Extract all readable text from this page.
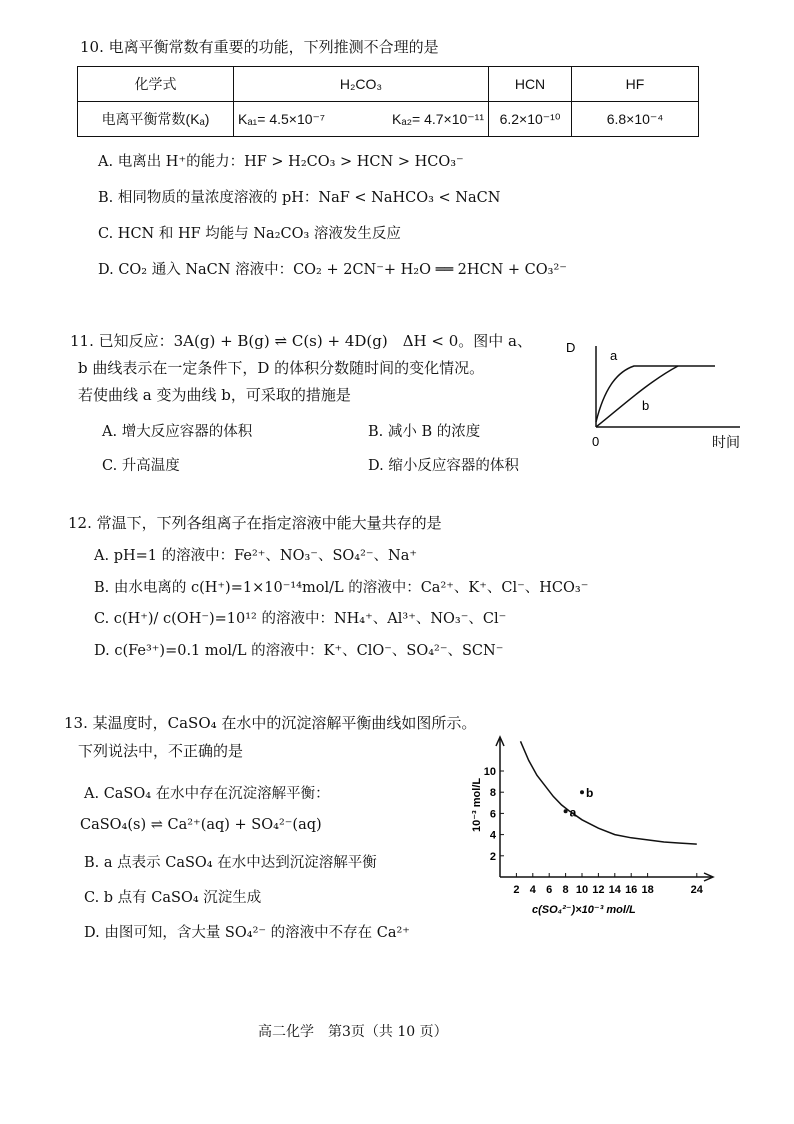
10. 电离平衡常数有重要的功能，下列推测不合理的是
化学式	H₂CO₃		HCN	HF
电离平衡常数(Kₐ)	Kₐ₁= 4.5×10⁻⁷	Kₐ₂= 4.7×10⁻¹¹	6.2×10⁻¹⁰	6.8×10⁻⁴
A. 电离出 H⁺的能力：HF > H₂CO₃ > HCN > HCO₃⁻
B. 相同物质的量浓度溶液的 pH：NaF < NaHCO₃ < NaCN
C. HCN 和 HF 均能与 Na₂CO₃ 溶液发生反应
D. CO₂ 通入 NaCN 溶液中：CO₂ + 2CN⁻+ H₂O ══ 2HCN + CO₃²⁻
11. 已知反应：3A(g) + B(g) ⇌ C(s) + 4D(g)　ΔH < 0。图中 a、
b 曲线表示在一定条件下，D 的体积分数随时间的变化情况。
若使曲线 a 变为曲线 b，可采取的措施是
A. 增大反应容器的体积	B. 减小 B 的浓度
C. 升高温度	D. 缩小反应容器的体积
D
a
b
0	时间
12. 常温下，下列各组离子在指定溶液中能大量共存的是
A. pH=1 的溶液中：Fe²⁺、NO₃⁻、SO₄²⁻、Na⁺
B. 由水电离的 c(H⁺)=1×10⁻¹⁴mol/L 的溶液中：Ca²⁺、K⁺、Cl⁻、HCO₃⁻
C. c(H⁺)/ c(OH⁻)=10¹² 的溶液中：NH₄⁺、Al³⁺、NO₃⁻、Cl⁻
D. c(Fe³⁺)=0.1 mol/L 的溶液中：K⁺、ClO⁻、SO₄²⁻、SCN⁻
13. 某温度时，CaSO₄ 在水中的沉淀溶解平衡曲线如图所示。
下列说法中，不正确的是
A. CaSO₄ 在水中存在沉淀溶解平衡：
CaSO₄(s) ⇌ Ca²⁺(aq) + SO₄²⁻(aq)
B. a 点表示 CaSO₄ 在水中达到沉淀溶解平衡
C. b 点有 CaSO₄ 沉淀生成
D. 由图可知，含大量 SO₄²⁻ 的溶液中不存在 Ca²⁺
2 4 6 8 10 12 14 16 18	24
2
4
6
8
10
a
b
10⁻³ mol/L
c(SO₄²⁻)×10⁻³ mol/L
高二化学　第3页（共 10 页）
